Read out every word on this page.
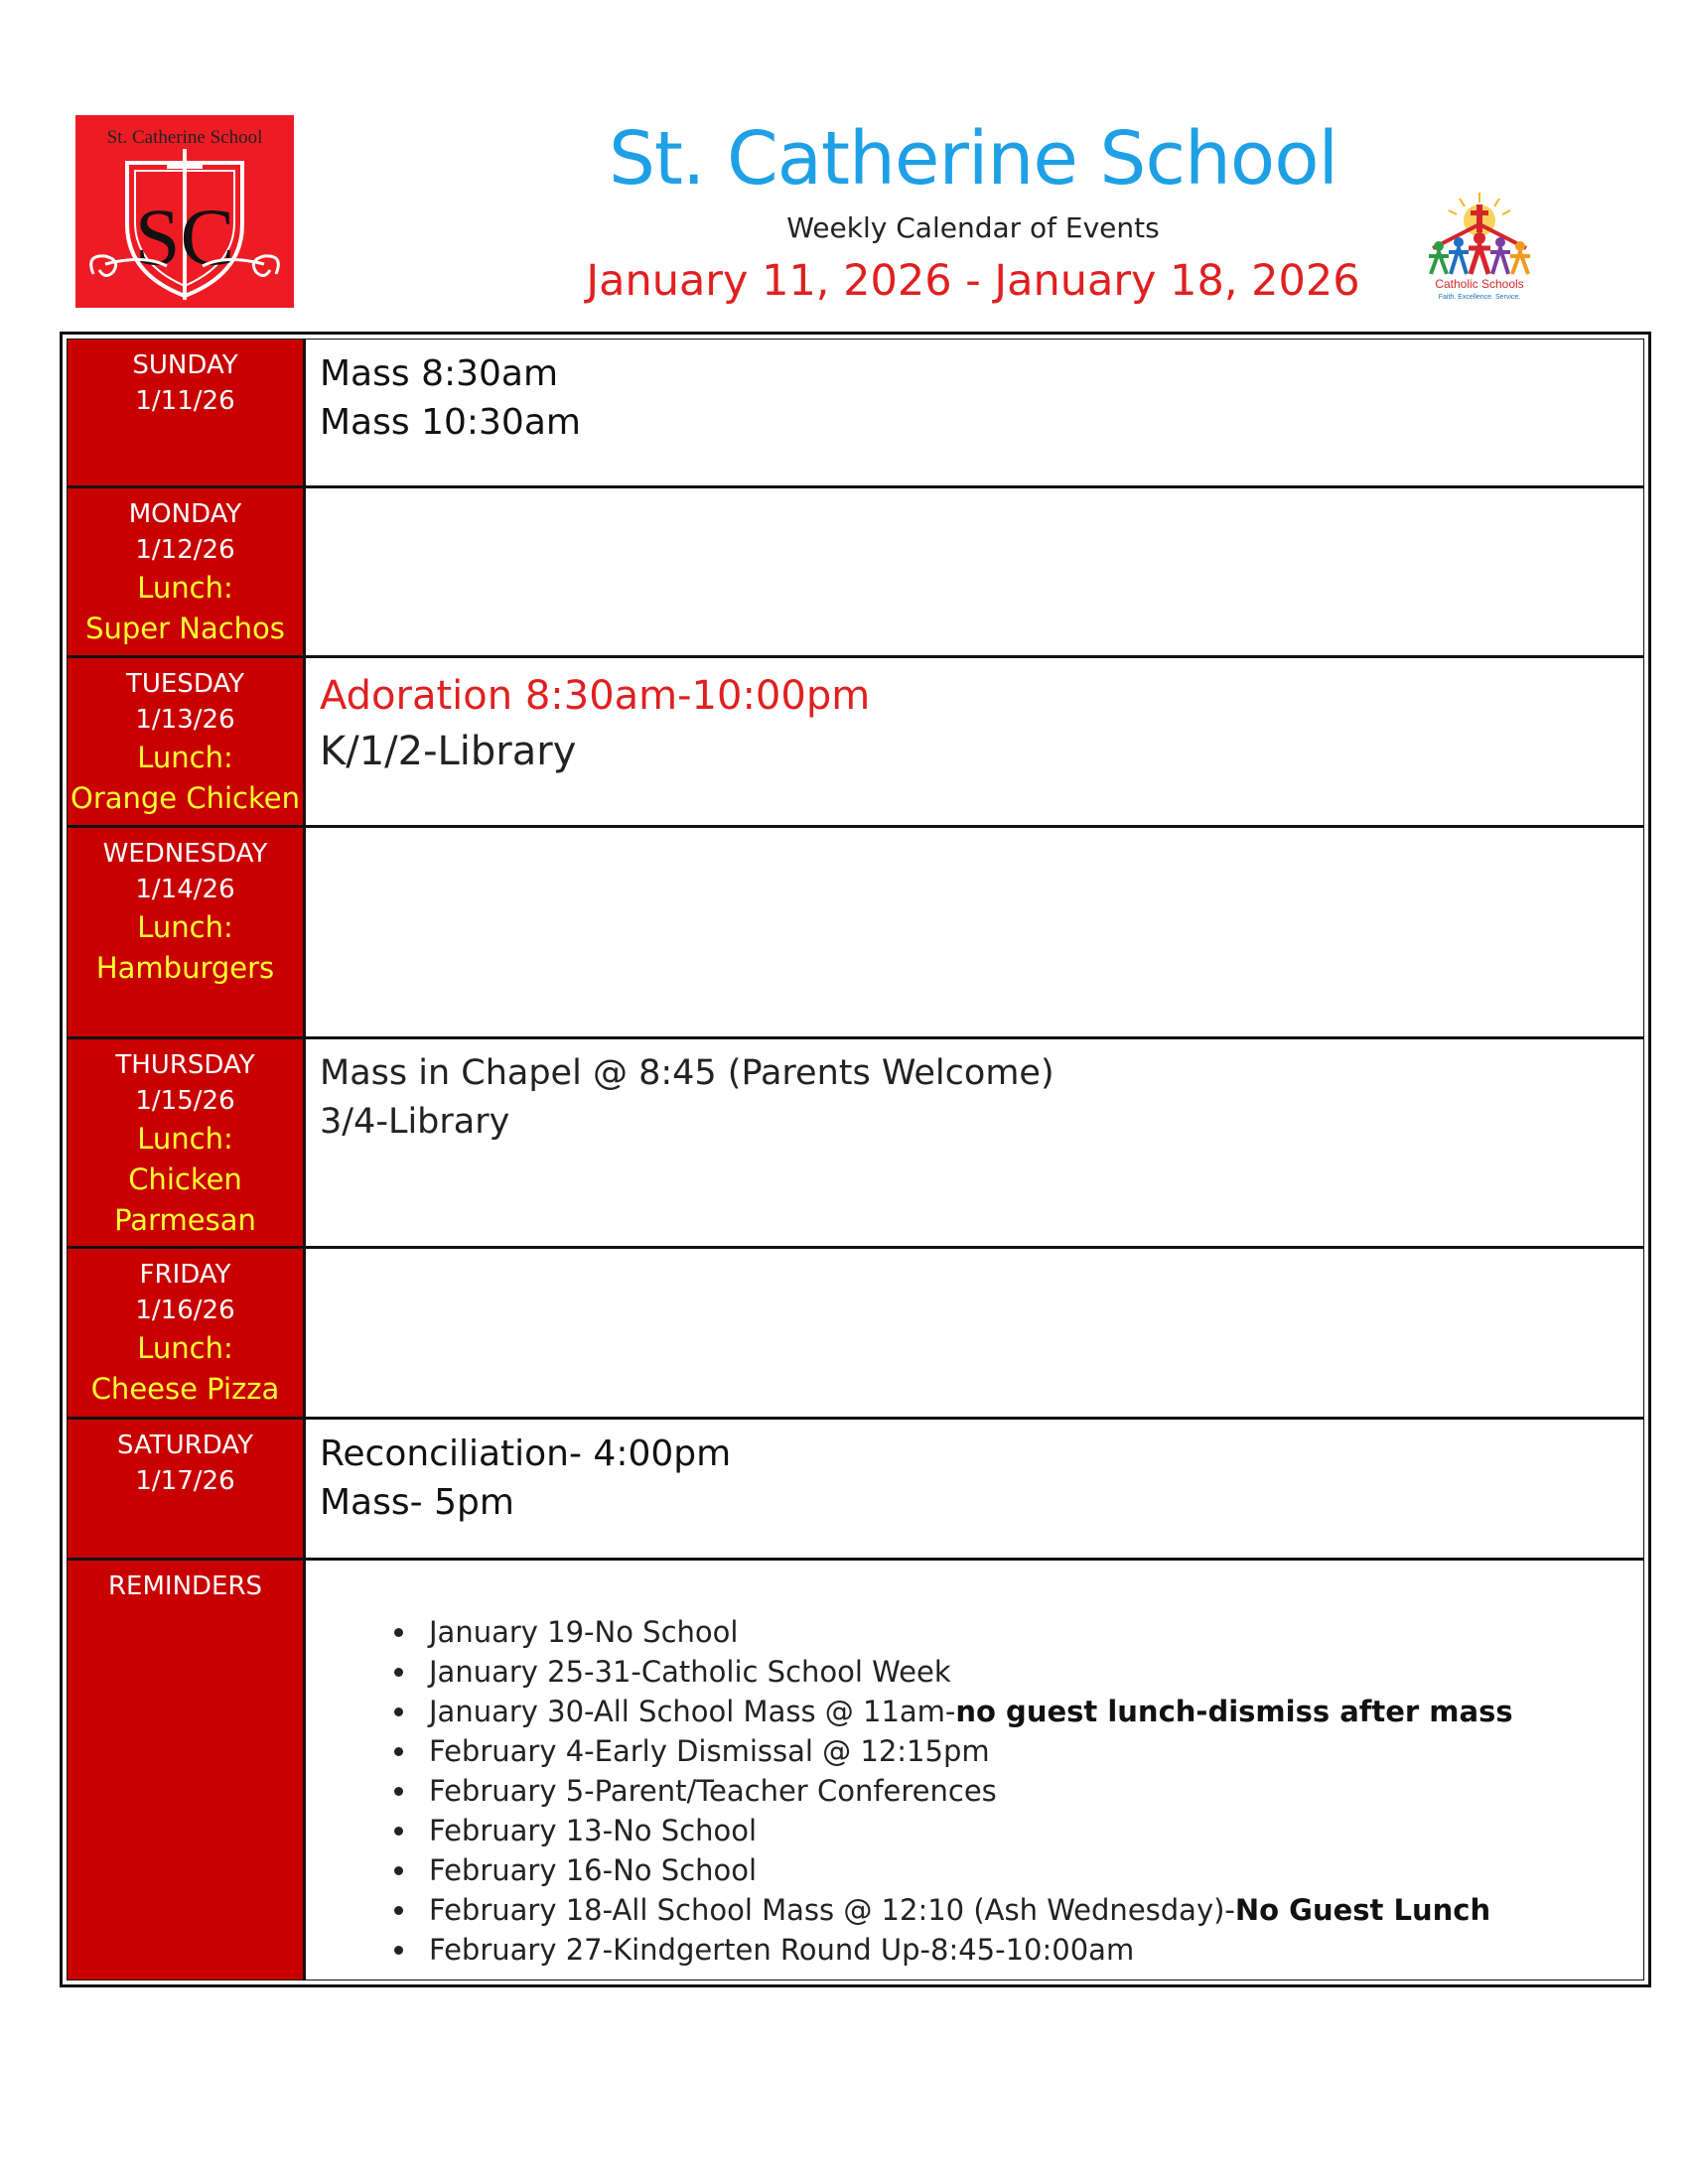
St. Catherine School
SC
St. Catherine School
Weekly Calendar of Events
January 11, 2026 - January 18, 2026	Catholic Schools
Faith. Excellence. Service.
SUNDAY
1/11/26
Mass 8:30am
Mass 10:30am
MONDAY
1/12/26
Lunch:
Super Nachos
TUESDAY
1/13/26
Lunch:
Orange Chicken
Adoration 8:30am-10:00pm
K/1/2-Library
WEDNESDAY
1/14/26
Lunch:
Hamburgers
THURSDAY
1/15/26
Lunch:
Chicken
Parmesan
Mass in Chapel @ 8:45 (Parents Welcome)
3/4-Library
FRIDAY
1/16/26
Lunch:
Cheese Pizza
SATURDAY
1/17/26
Reconciliation- 4:00pm
Mass- 5pm
REMINDERS
• January 19-No School
• January 25-31-Catholic School Week
• January 30-All School Mass @ 11am-no guest lunch-dismiss after mass
• February 4-Early Dismissal @ 12:15pm
• February 5-Parent/Teacher Conferences
• February 13-No School
• February 16-No School
• February 18-All School Mass @ 12:10 (Ash Wednesday)-No Guest Lunch
• February 27-Kindgerten Round Up-8:45-10:00am
